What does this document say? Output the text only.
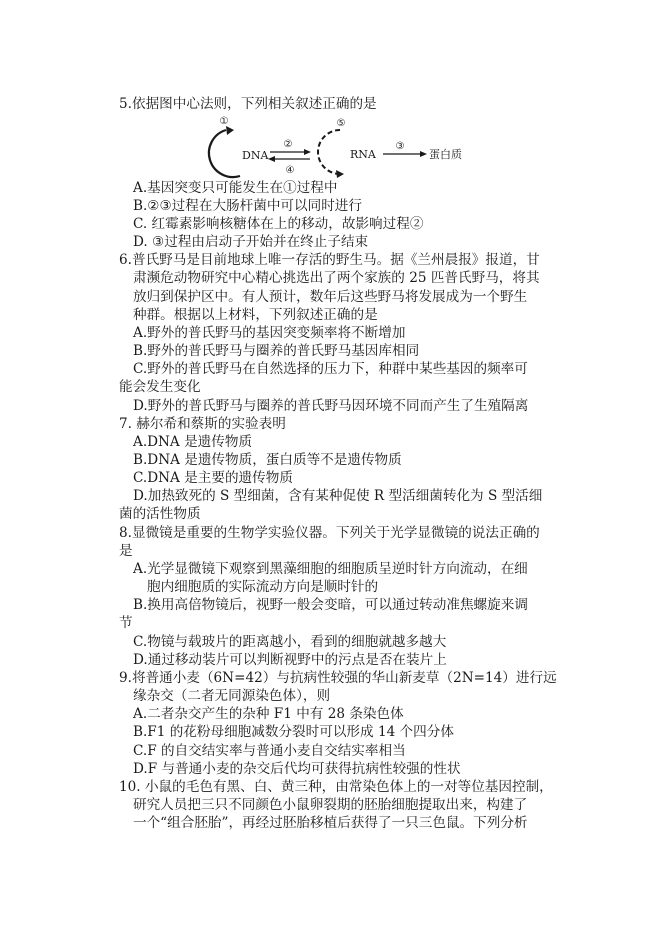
5.依据图中心法则，下列相关叙述正确的是
①
DNA
②
④
⑤
RNA
③
蛋白质
A.基因突变只可能发生在①过程中
B.②③过程在大肠杆菌中可以同时进行
C. 红霉素影响核糖体在上的移动，故影响过程②
D. ③过程由启动子开始并在终止子结束
6.普氏野马是目前地球上唯一存活的野生马。据《兰州晨报》报道，甘
肃濒危动物研究中心精心挑选出了两个家族的 25 匹普氏野马，将其
放归到保护区中。有人预计，数年后这些野马将发展成为一个野生
种群。根据以上材料，下列叙述正确的是
A.野外的普氏野马的基因突变频率将不断增加
B.野外的普氏野马与圈养的普氏野马基因库相同
C.野外的普氏野马在自然选择的压力下，种群中某些基因的频率可
能会发生变化
D.野外的普氏野马与圈养的普氏野马因环境不同而产生了生殖隔离
7. 赫尔希和蔡斯的实验表明
A.DNA 是遗传物质
B.DNA 是遗传物质，蛋白质等不是遗传物质
C.DNA 是主要的遗传物质
D.加热致死的 S 型细菌，含有某种促使 R 型活细菌转化为 S 型活细
菌的活性物质
8.显微镜是重要的生物学实验仪器。下列关于光学显微镜的说法正确的
是
A.光学显微镜下观察到黑藻细胞的细胞质呈逆时针方向流动，在细
胞内细胞质的实际流动方向是顺时针的
B.换用高倍物镜后，视野一般会变暗，可以通过转动准焦螺旋来调
节
C.物镜与载玻片的距离越小，看到的细胞就越多越大
D.通过移动装片可以判断视野中的污点是否在装片上
9.将普通小麦（6N=42）与抗病性较强的华山新麦草（2N=14）进行远
缘杂交（二者无同源染色体），则
A.二者杂交产生的杂种 F1 中有 28 条染色体
B.F1 的花粉母细胞减数分裂时可以形成 14 个四分体
C.F 的自交结实率与普通小麦自交结实率相当
D.F 与普通小麦的杂交后代均可获得抗病性较强的性状
10. 小鼠的毛色有黑、白、黄三种，由常染色体上的一对等位基因控制，
研究人员把三只不同颜色小鼠卵裂期的胚胎细胞提取出来，构建了
一个“组合胚胎”，再经过胚胎移植后获得了一只三色鼠。下列分析
